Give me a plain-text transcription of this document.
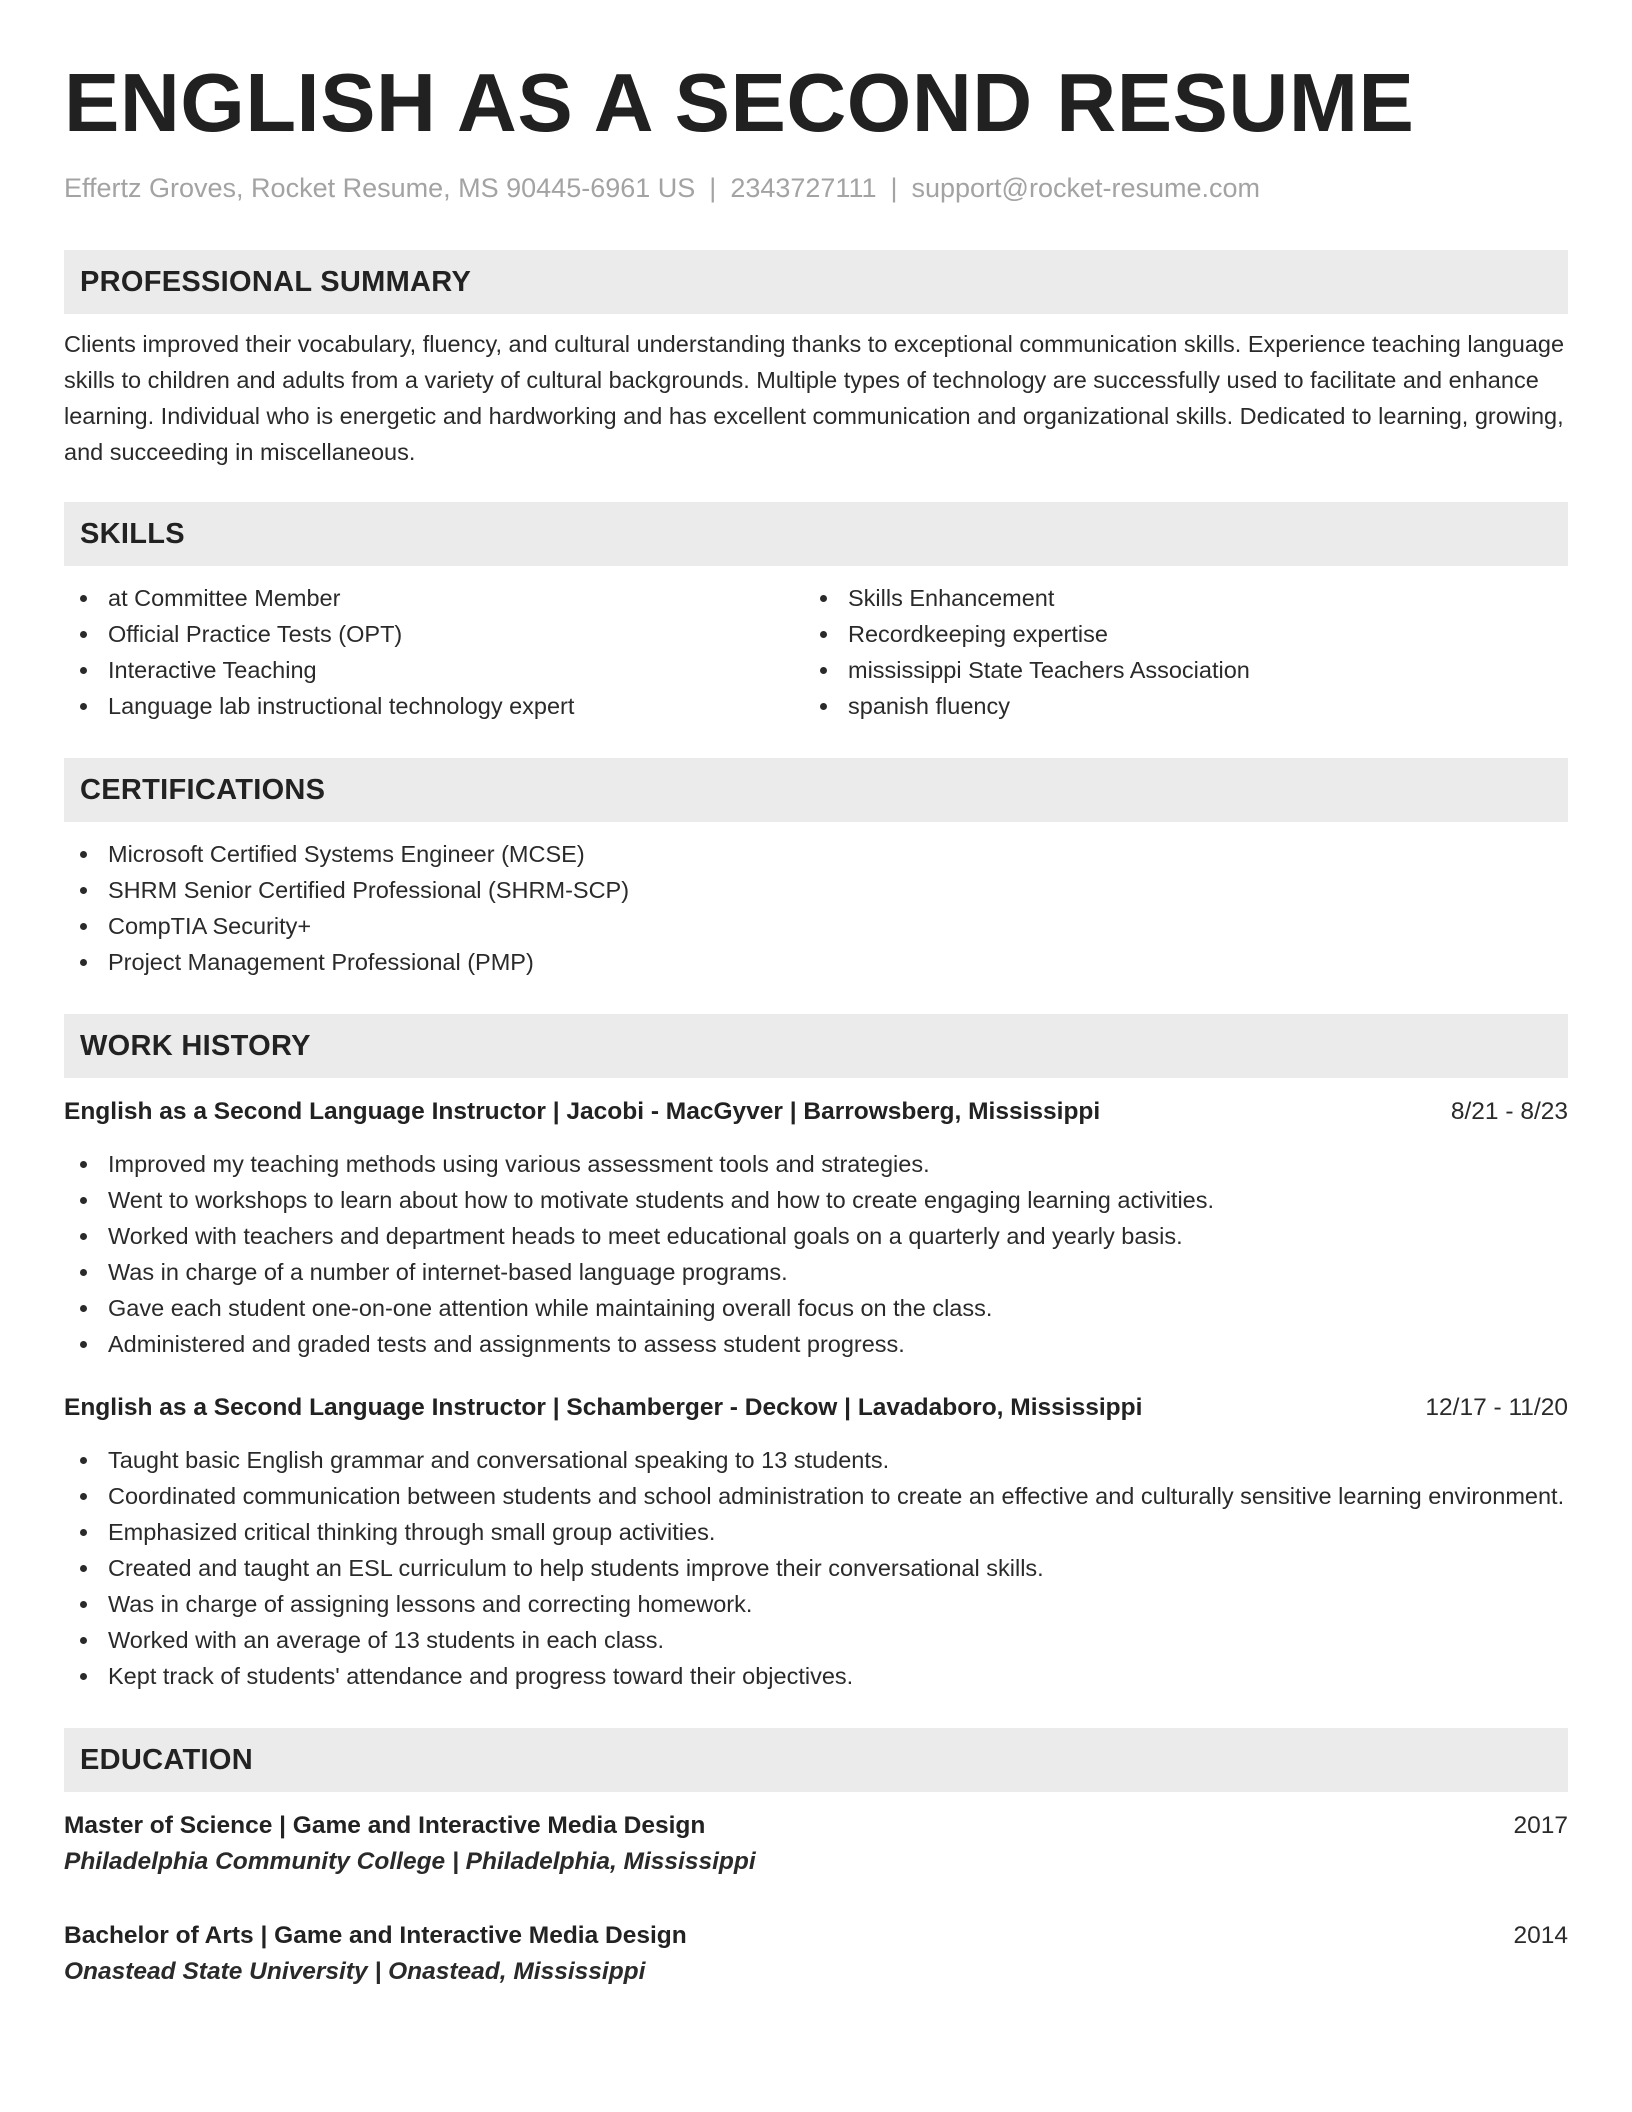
ENGLISH AS A SECOND RESUME
Effertz Groves, Rocket Resume, MS 90445-6961 US | 2343727111 | support@rocket-resume.com
PROFESSIONAL SUMMARY

Clients improved their vocabulary, fluency, and cultural understanding thanks to exceptional communication skills. Experience teaching language skills to children and adults from a variety of cultural backgrounds. Multiple types of technology are successfully used to facilitate and enhance learning. Individual who is energetic and hardworking and has excellent communication and organizational skills. Dedicated to learning, growing, and succeeding in miscellaneous.

SKILLS
at Committee Member
Official Practice Tests (OPT)
Interactive Teaching
Language lab instructional technology expert
Skills Enhancement
Recordkeeping expertise
mississippi State Teachers Association
spanish fluency
CERTIFICATIONS
Microsoft Certified Systems Engineer (MCSE)
SHRM Senior Certified Professional (SHRM-SCP)
CompTIA Security+
Project Management Professional (PMP)
WORK HISTORY
English as a Second Language Instructor | Jacobi - MacGyver | Barrowsberg, Mississippi	8/21 - 8/23
Improved my teaching methods using various assessment tools and strategies.
Went to workshops to learn about how to motivate students and how to create engaging learning activities.
Worked with teachers and department heads to meet educational goals on a quarterly and yearly basis.
Was in charge of a number of internet-based language programs.
Gave each student one-on-one attention while maintaining overall focus on the class.
Administered and graded tests and assignments to assess student progress.
English as a Second Language Instructor | Schamberger - Deckow | Lavadaboro, Mississippi	12/17 - 11/20
Taught basic English grammar and conversational speaking to 13 students.
Coordinated communication between students and school administration to create an effective and culturally sensitive learning environment.
Emphasized critical thinking through small group activities.
Created and taught an ESL curriculum to help students improve their conversational skills.
Was in charge of assigning lessons and correcting homework.
Worked with an average of 13 students in each class.
Kept track of students' attendance and progress toward their objectives.
EDUCATION
Master of Science | Game and Interactive Media Design	2017
Philadelphia Community College | Philadelphia, Mississippi
Bachelor of Arts | Game and Interactive Media Design	2014
Onastead State University | Onastead, Mississippi
